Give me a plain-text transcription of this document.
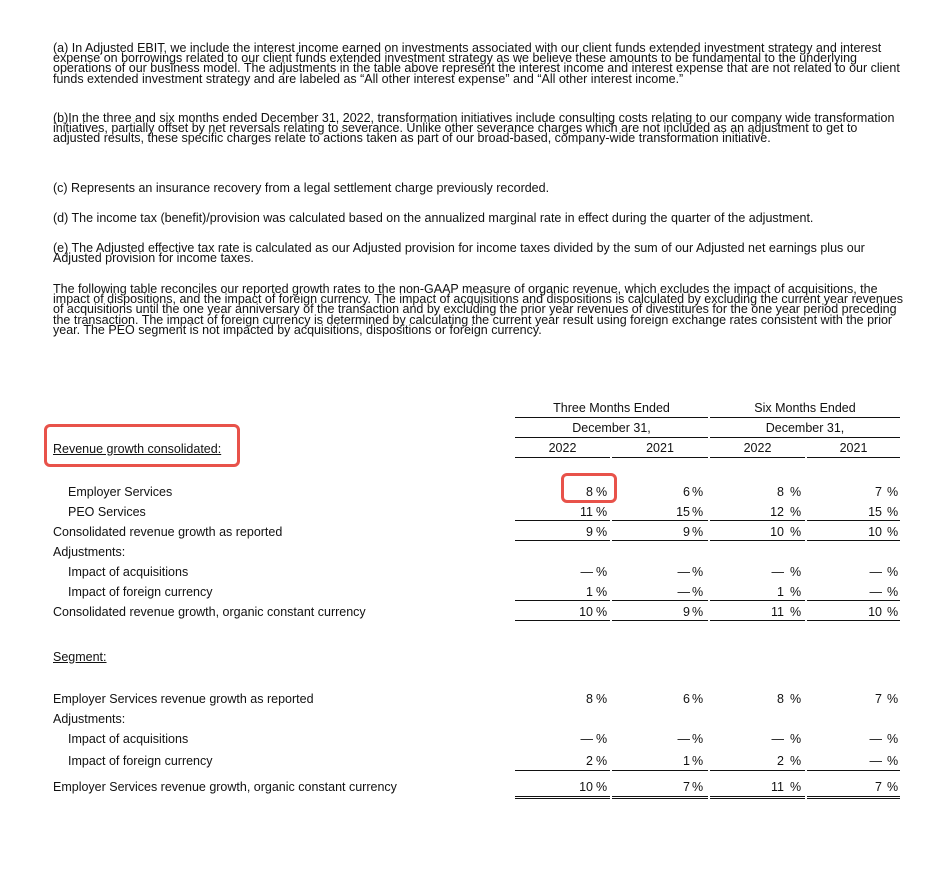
(a) In Adjusted EBIT, we include the interest income earned on investments associated with our client funds extended investment strategy and interest expense on borrowings related to our client funds extended investment strategy as we believe these amounts to be fundamental to the underlying operations of our business model. The adjustments in the table above represent the interest income and interest expense that are not related to our client funds extended investment strategy and are labeled as “All other interest expense” and “All other interest income.”
(b)In the three and six months ended December 31, 2022, transformation initiatives include consulting costs relating to our company wide transformation initiatives, partially offset by net reversals relating to severance. Unlike other severance charges which are not included as an adjustment to get to adjusted results, these specific charges relate to actions taken as part of our broad-based, company-wide transformation initiative.
(c) Represents an insurance recovery from a legal settlement charge previously recorded.
(d) The income tax (benefit)/provision was calculated based on the annualized marginal rate in effect during the quarter of the adjustment.
(e) The Adjusted effective tax rate is calculated as our Adjusted provision for income taxes divided by the sum of our Adjusted net earnings plus our Adjusted provision for income taxes.
The following table reconciles our reported growth rates to the non-GAAP measure of organic revenue, which excludes the impact of acquisitions, the impact of dispositions, and the impact of foreign currency. The impact of acquisitions and dispositions is calculated by excluding the current year revenues of acquisitions until the one year anniversary of the transaction and by excluding the prior year revenues of divestitures for the one year period preceding the transaction. The impact of foreign currency is determined by calculating the current year result using foreign exchange rates consistent with the prior year. The PEO segment is not impacted by acquisitions, dispositions or foreign currency.
Three Months Ended	Six Months Ended
December 31,	December 31,
2022	2021	2022	2021
Revenue growth consolidated:
Employer Services	8 %	6 %	8 %	7 %
PEO Services	11 %	15 %	12 %	15 %
Consolidated revenue growth as reported	9 %	9 %	10 %	10 %
Adjustments:
Impact of acquisitions	— %	— %	— %	— %
Impact of foreign currency	1 %	— %	1 %	— %
Consolidated revenue growth, organic constant currency	10 %	9 %	11 %	10 %
Segment:
Employer Services revenue growth as reported	8 %	6 %	8 %	7 %
Adjustments:
Impact of acquisitions	— %	— %	— %	— %
Impact of foreign currency	2 %	1 %	2 %	— %
Employer Services revenue growth, organic constant currency	10 %	7 %	11 %	7 %
